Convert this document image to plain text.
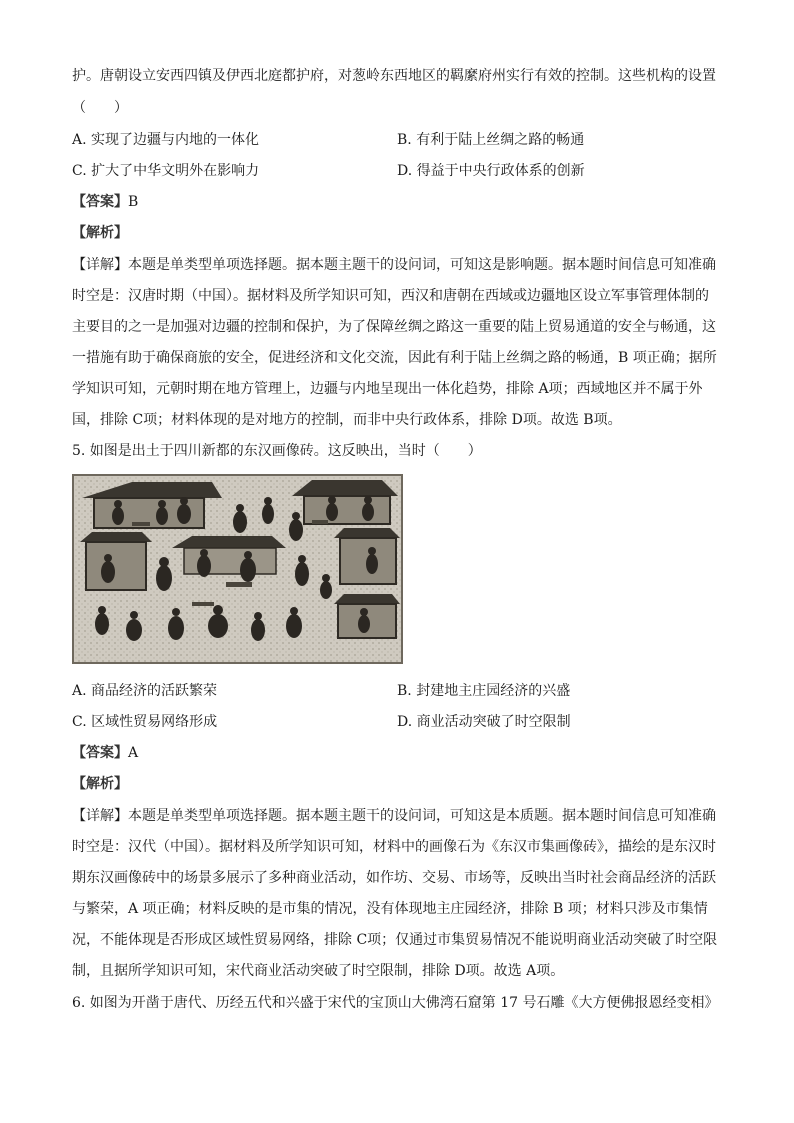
护。唐朝设立安西四镇及伊西北庭都护府，对葱岭东西地区的羁縻府州实行有效的控制。这些机构的设置
（　　）
A. 实现了边疆与内地的一体化	B. 有利于陆上丝绸之路的畅通
C. 扩大了中华文明外在影响力	D. 得益于中央行政体系的创新
【答案】B
【解析】
【详解】本题是单类型单项选择题。据本题主题干的设问词，可知这是影响题。据本题时间信息可知准确
时空是：汉唐时期（中国）。据材料及所学知识可知，西汉和唐朝在西域或边疆地区设立军事管理体制的
主要目的之一是加强对边疆的控制和保护，为了保障丝绸之路这一重要的陆上贸易通道的安全与畅通，这
一措施有助于确保商旅的安全，促进经济和文化交流，因此有利于陆上丝绸之路的畅通，B 项正确；据所
学知识可知，元朝时期在地方管理上，边疆与内地呈现出一体化趋势，排除 A项；西域地区并不属于外
国，排除 C项；材料体现的是对地方的控制，而非中央行政体系，排除 D项。故选 B项。
5. 如图是出土于四川新都的东汉画像砖。这反映出，当时（　　）
A. 商品经济的活跃繁荣	B. 封建地主庄园经济的兴盛
C. 区域性贸易网络形成	D. 商业活动突破了时空限制
【答案】A
【解析】
【详解】本题是单类型单项选择题。据本题主题干的设问词，可知这是本质题。据本题时间信息可知准确
时空是：汉代（中国）。据材料及所学知识可知，材料中的画像石为《东汉市集画像砖》，描绘的是东汉时
期东汉画像砖中的场景多展示了多种商业活动，如作坊、交易、市场等，反映出当时社会商品经济的活跃
与繁荣，A 项正确；材料反映的是市集的情况，没有体现地主庄园经济，排除 B 项；材料只涉及市集情
况，不能体现是否形成区域性贸易网络，排除 C项；仅通过市集贸易情况不能说明商业活动突破了时空限
制，且据所学知识可知，宋代商业活动突破了时空限制，排除 D项。故选 A项。
6. 如图为开凿于唐代、历经五代和兴盛于宋代的宝顶山大佛湾石窟第 17 号石雕《大方便佛报恩经变相》
